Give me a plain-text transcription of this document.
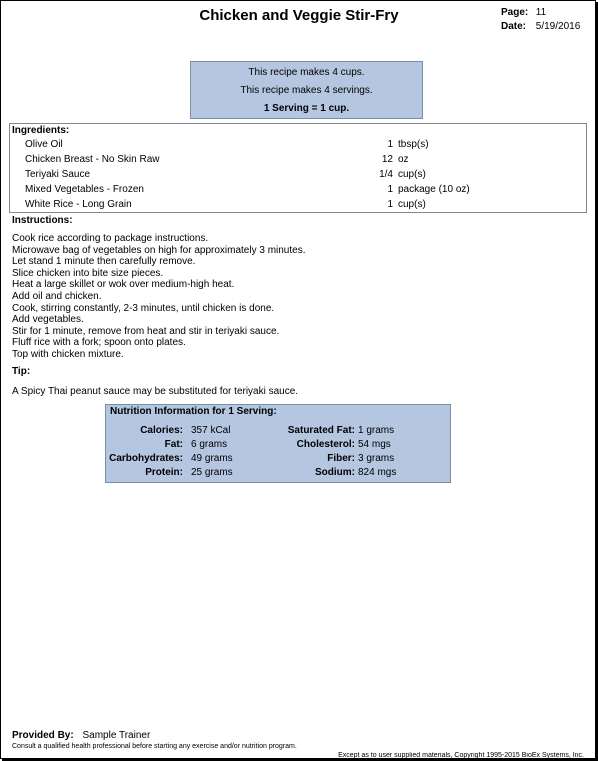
Chicken and Veggie Stir-Fry	Page: 11
Date: 5/19/2016
This recipe makes 4 cups.
This recipe makes 4 servings.
1 Serving = 1 cup.
Ingredients:
Olive Oil	1 tbsp(s)
Chicken Breast - No Skin Raw	12 oz
Teriyaki Sauce	1/4 cup(s)
Mixed Vegetables - Frozen	1 package (10 oz)
White Rice - Long Grain	1 cup(s)
Instructions:
Cook rice according to package instructions.
Microwave bag of vegetables on high for approximately 3 minutes.
Let stand 1 minute then carefully remove.
Slice chicken into bite size pieces.
Heat a large skillet or wok over medium-high heat.
Add oil and chicken.
Cook, stirring constantly, 2-3 minutes, until chicken is done.
Add vegetables.
Stir for 1 minute, remove from heat and stir in teriyaki sauce.
Fluff rice with a fork; spoon onto plates.
Top with chicken mixture.
Tip:
A Spicy Thai peanut sauce may be substituted for teriyaki sauce.
Nutrition Information for 1 Serving:
Calories: 357 kCal	Saturated Fat: 1 grams
Fat: 6 grams	Cholesterol: 54 mgs
Carbohydrates: 49 grams	Fiber: 3 grams
Protein: 25 grams	Sodium: 824 mgs
Provided By: Sample Trainer
Consult a qualified health professional before starting any exercise and/or nutrition program.
Except as to user supplied materials, Copyright 1995-2015 BioEx Systems, Inc.
